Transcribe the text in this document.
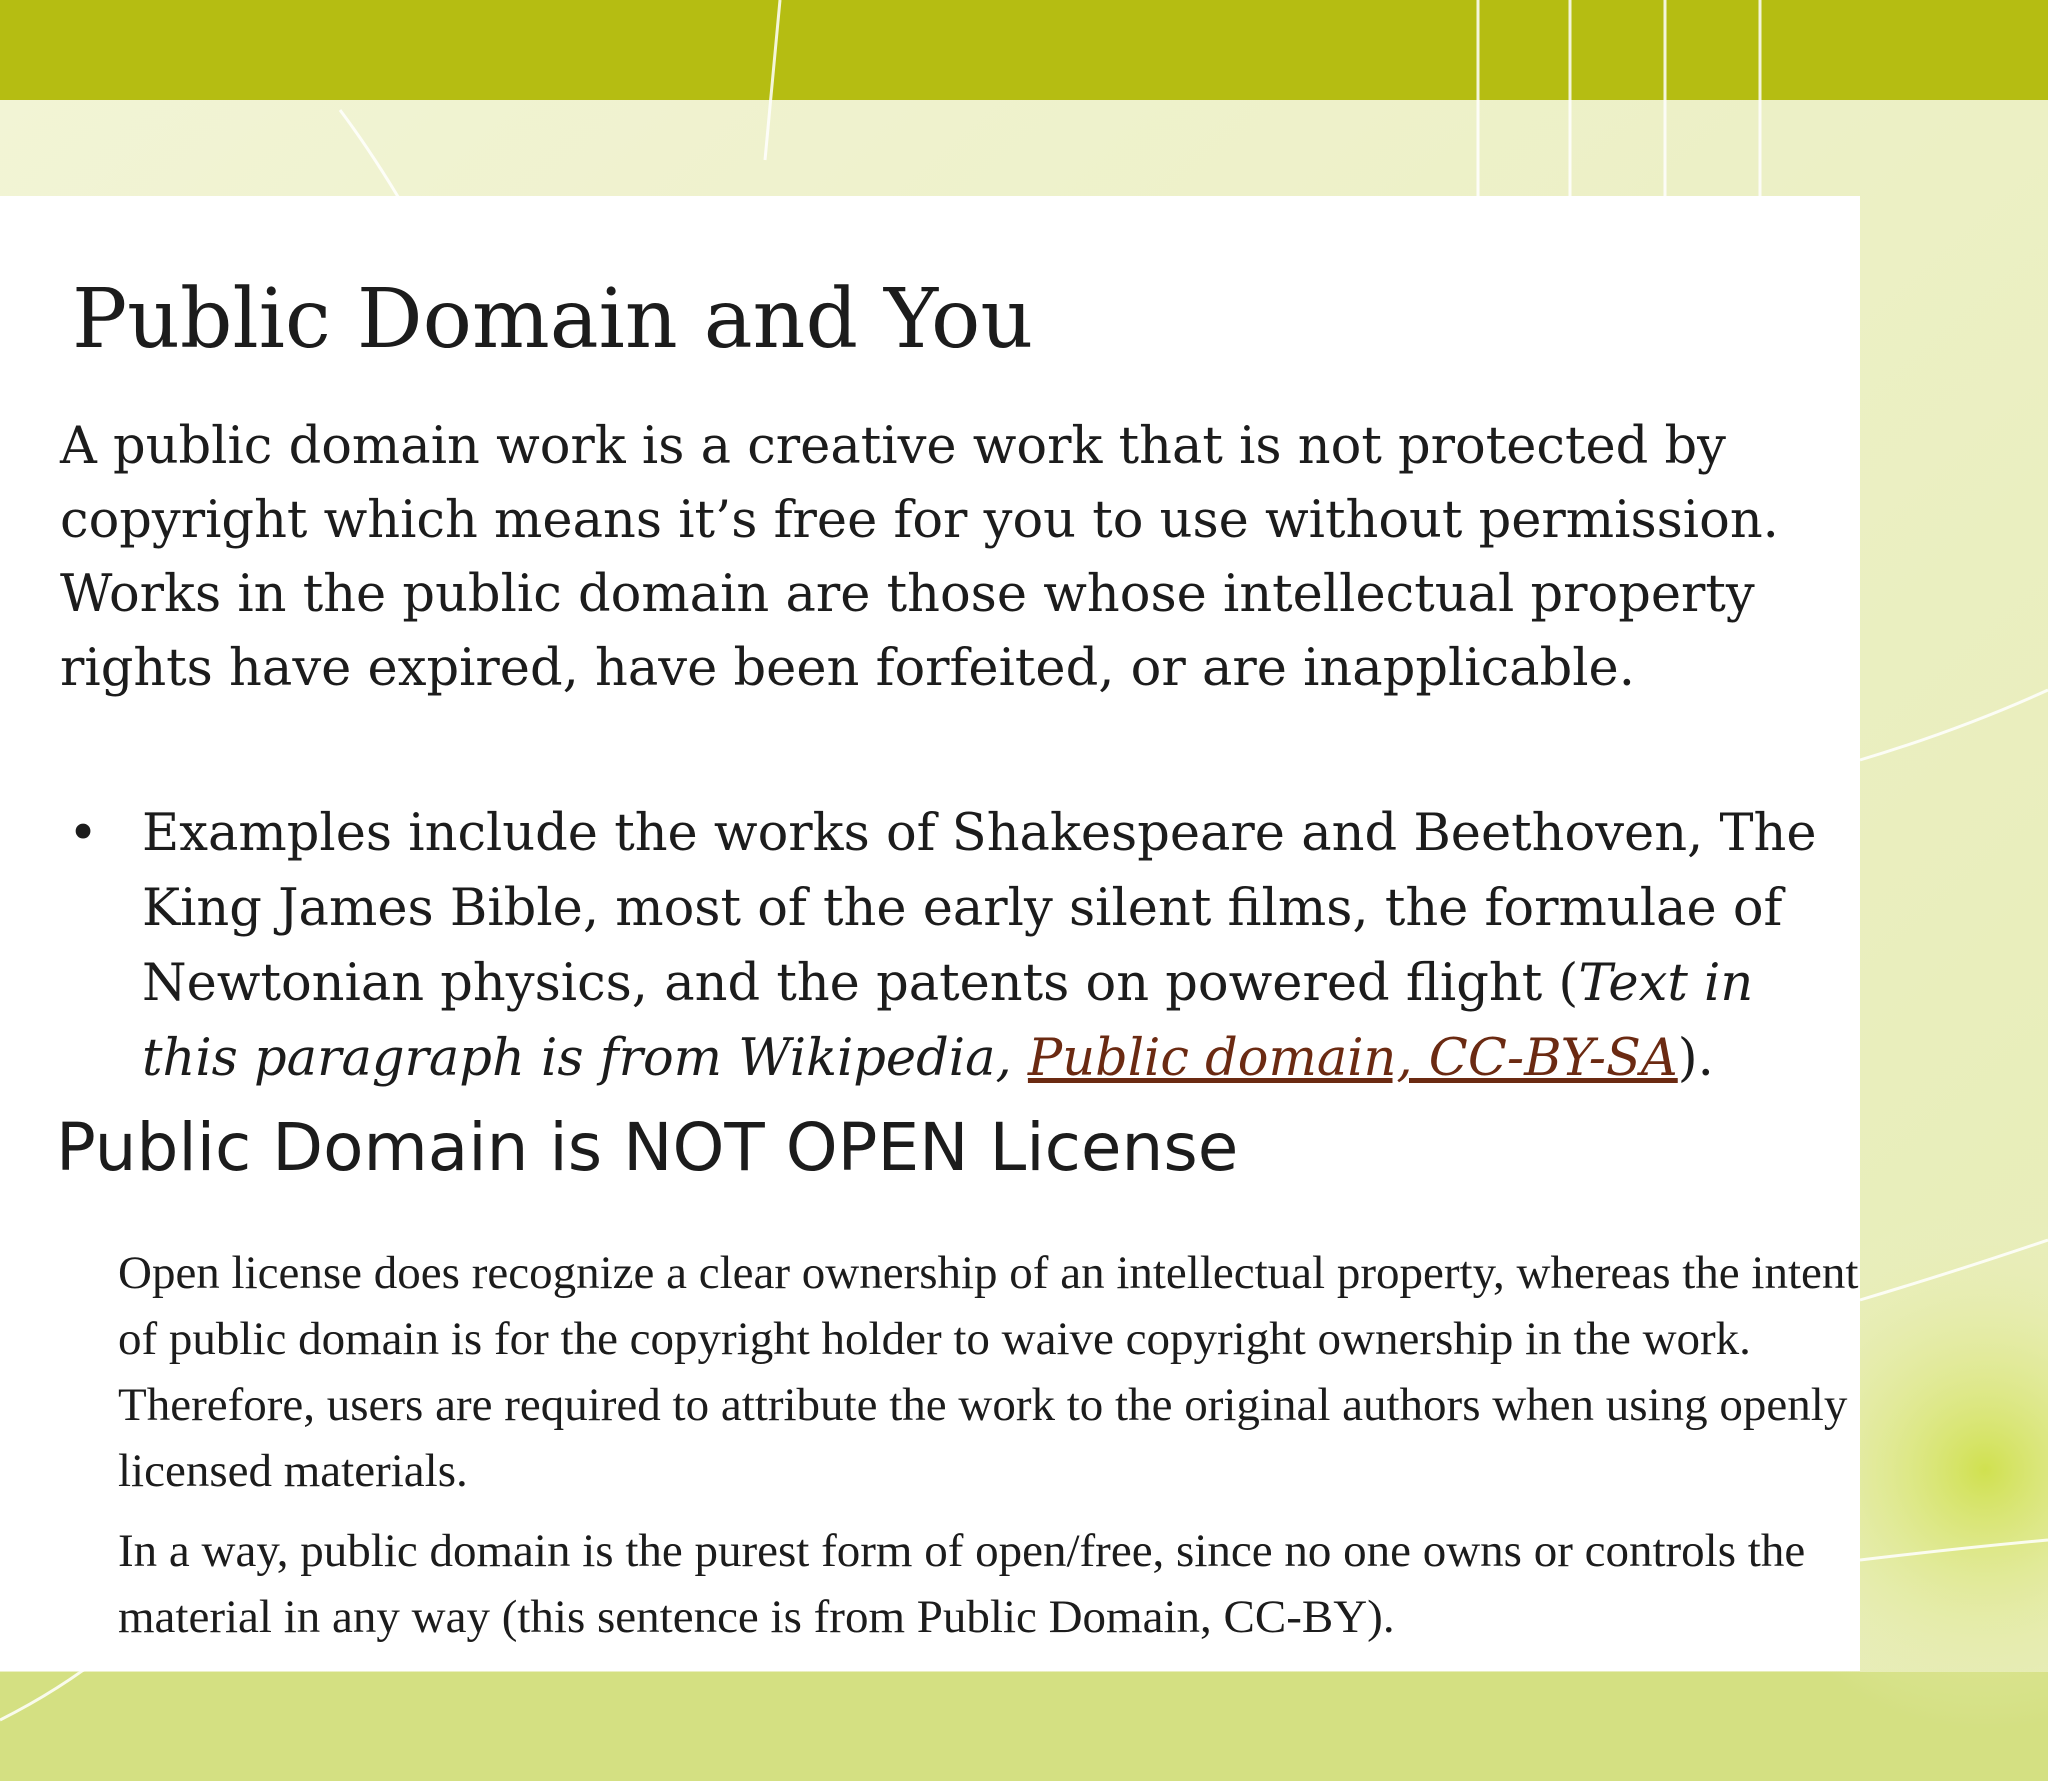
Public Domain and You

A public domain work is a creative work that is not protected by copyright which means it’s free for you to use without permission. Works in the public domain are those whose intellectual property rights have expired, have been forfeited, or are inapplicable.

• Examples include the works of Shakespeare and Beethoven, The King James Bible, most of the early silent films, the formulae of Newtonian physics, and the patents on powered flight (Text in this paragraph is from Wikipedia, Public domain, CC-BY-SA).
Public Domain is NOT OPEN License

Open license does recognize a clear ownership of an intellectual property, whereas the intent of public domain is for the copyright holder to waive copyright ownership in the work. Therefore, users are required to attribute the work to the original authors when using openly licensed materials.

In a way, public domain is the purest form of open/free, since no one owns or controls the material in any way (this sentence is from Public Domain, CC-BY).
